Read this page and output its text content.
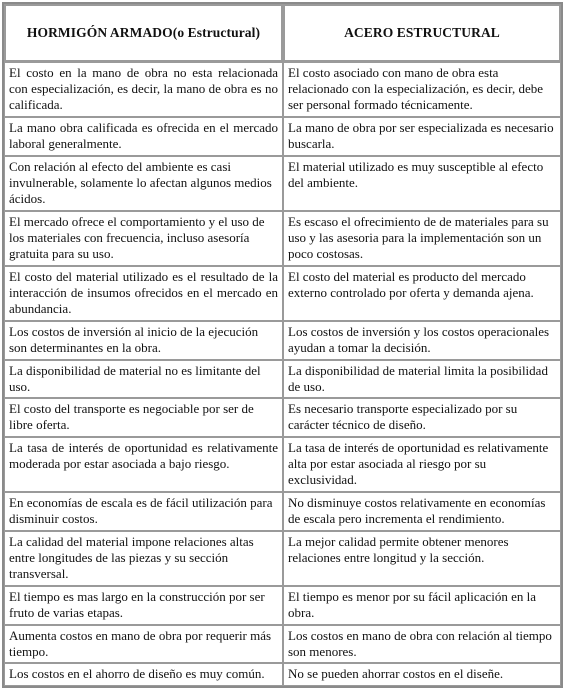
HORMIGÓN ARMADO(o Estructural)	ACERO ESTRUCTURAL
El costo en la mano de obra no esta relacionada con especialización, es decir, la mano de obra es no calificada.	El costo asociado con mano de obra esta relacionado con la especialización, es decir, debe ser personal formado técnicamente.
La mano obra calificada es ofrecida en el mercado laboral generalmente.	La mano de obra por ser especializada es necesario buscarla.
Con relación al efecto del ambiente es casi invulnerable, solamente lo afectan algunos medios ácidos.	El material utilizado es muy susceptible al efecto del ambiente.
El mercado ofrece el comportamiento y el uso de los materiales con frecuencia, incluso asesoría gratuita para su uso.	Es escaso el ofrecimiento de de materiales para su uso y las asesoria para la implementación son un poco costosas.
El costo del material utilizado es el resultado de la interacción de insumos ofrecidos en el mercado en abundancia.	El costo del material es producto del mercado externo controlado por oferta y demanda ajena.
Los costos de inversión al inicio de la ejecución son determinantes en la obra.	Los costos de inversión y los costos operacionales ayudan a tomar la decisión.
La disponibilidad de material no es limitante del uso.	La disponibilidad de material limita la posibilidad de uso.
El costo del transporte es negociable por ser de libre oferta.	Es necesario transporte especializado por su carácter técnico de diseño.
La tasa de interés de oportunidad es relativamente moderada por estar asociada a bajo riesgo.	La tasa de interés de oportunidad es relativamente alta por estar asociada al riesgo por su exclusividad.
En economías de escala es de fácil utilización para disminuir costos.	No disminuye costos relativamente en economías de escala pero incrementa el rendimiento.
La calidad del material impone relaciones altas entre longitudes de las piezas y su sección transversal.	La mejor calidad permite obtener menores relaciones entre longitud y la sección.
El tiempo es mas largo en la construcción por ser fruto de varias etapas.	El tiempo es menor por su fácil aplicación en la obra.
Aumenta costos en mano de obra por requerir más tiempo.	Los costos en mano de obra con relación al tiempo son menores.
Los costos en el ahorro de diseño es muy común.	No se pueden ahorrar costos en el diseñe.
